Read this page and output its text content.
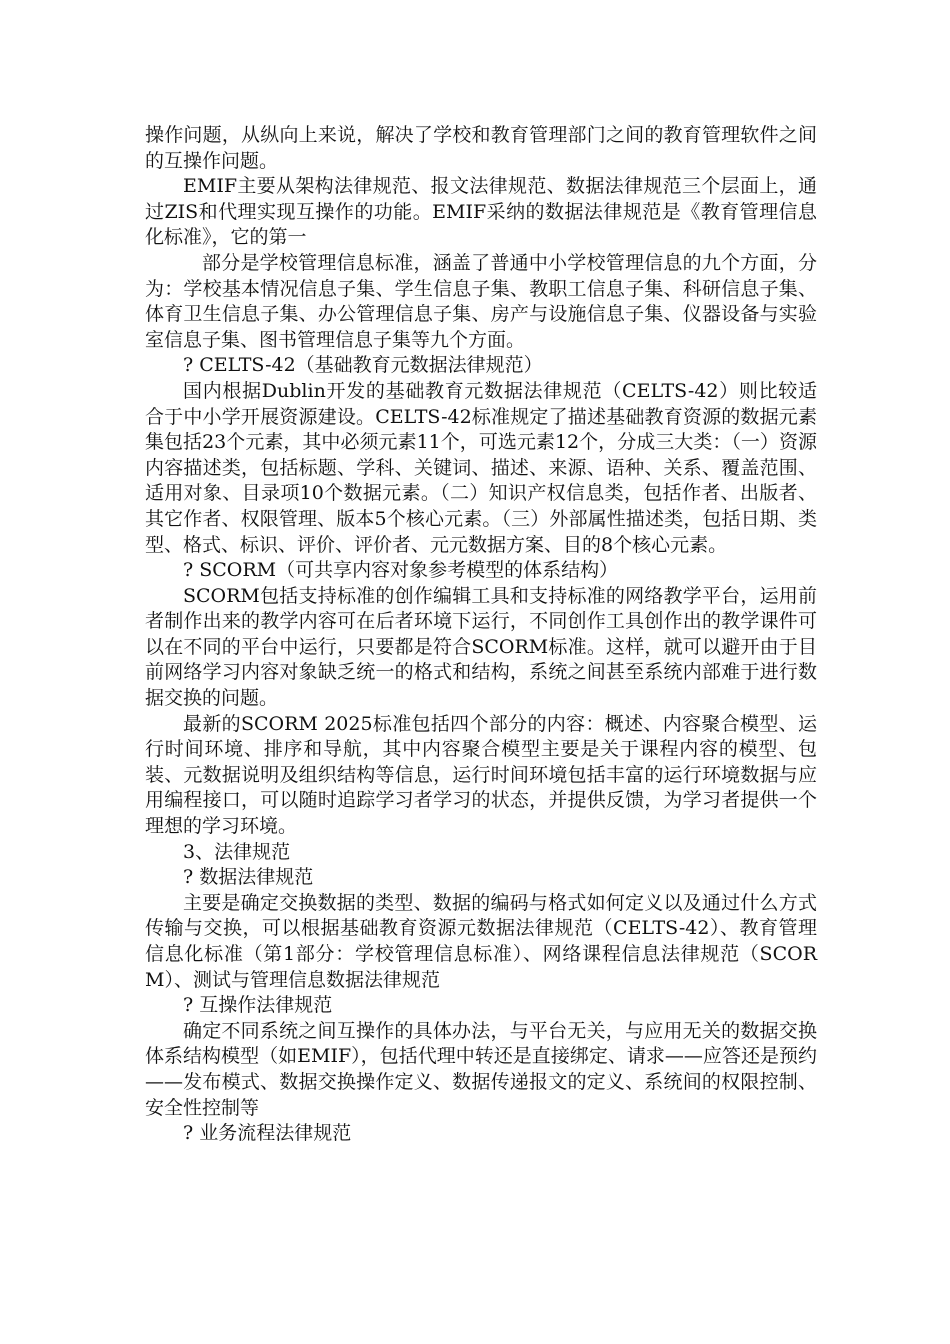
操作问题，从纵向上来说，解决了学校和教育管理部门之间的教育管理软件之间的互操作问题。

EMIF主要从架构法律规范、报文法律规范、数据法律规范三个层面上，通过ZIS和代理实现互操作的功能。EMIF采纳的数据法律规范是《教育管理信息化标准》，它的第一

部分是学校管理信息标准，涵盖了普通中小学校管理信息的九个方面，分为：学校基本情况信息子集、学生信息子集、教职工信息子集、科研信息子集、体育卫生信息子集、办公管理信息子集、房产与设施信息子集、仪器设备与实验室信息子集、图书管理信息子集等九个方面。

? CELTS-42（基础教育元数据法律规范）

国内根据Dublin开发的基础教育元数据法律规范（CELTS-42）则比较适合于中小学开展资源建设。CELTS-42标准规定了描述基础教育资源的数据元素集包括23个元素，其中必须元素11个，可选元素12个，分成三大类：（一）资源内容描述类，包括标题、学科、关键词、描述、来源、语种、关系、覆盖范围、适用对象、目录项10个数据元素。（二）知识产权信息类，包括作者、出版者、其它作者、权限管理、版本5个核心元素。（三）外部属性描述类，包括日期、类型、格式、标识、评价、评价者、元元数据方案、目的8个核心元素。

? SCORM（可共享内容对象参考模型的体系结构）

SCORM包括支持标准的创作编辑工具和支持标准的网络教学平台，运用前者制作出来的教学内容可在后者环境下运行，不同创作工具创作出的教学课件可以在不同的平台中运行，只要都是符合SCORM标准。这样，就可以避开由于目前网络学习内容对象缺乏统一的格式和结构，系统之间甚至系统内部难于进行数据交换的问题。

最新的SCORM 2025标准包括四个部分的内容：概述、内容聚合模型、运行时间环境、排序和导航，其中内容聚合模型主要是关于课程内容的模型、包装、元数据说明及组织结构等信息，运行时间环境包括丰富的运行环境数据与应用编程接口，可以随时追踪学习者学习的状态，并提供反馈，为学习者提供一个理想的学习环境。

3、法律规范

? 数据法律规范

主要是确定交换数据的类型、数据的编码与格式如何定义以及通过什么方式传输与交换，可以根据基础教育资源元数据法律规范（CELTS-42）、教育管理信息化标准（第1部分：学校管理信息标准）、网络课程信息法律规范（SCORM）、测试与管理信息数据法律规范

? 互操作法律规范

确定不同系统之间互操作的具体办法，与平台无关，与应用无关的数据交换体系结构模型（如EMIF），包括代理中转还是直接绑定、请求——应答还是预约——发布模式、数据交换操作定义、数据传递报文的定义、系统间的权限控制、安全性控制等

? 业务流程法律规范
